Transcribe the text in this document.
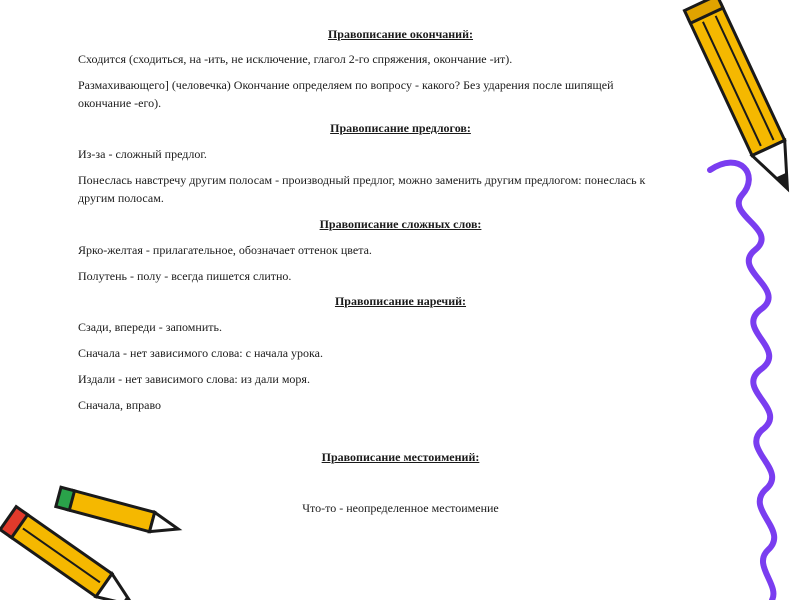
Правописание окончаний:
Сходится (сходиться, на -ить, не исключение, глагол 2-го спряжения, окончание -ит).
Размахивающего] (человечка) Окончание определяем по вопросу - какого? Без ударения после шипящей
окончание -его).
Правописание предлогов:
Из-за - сложный предлог.
Понеслась навстречу другим полосам - производный предлог, можно заменить другим предлогом: понеслась к
другим полосам.
Правописание сложных слов:
Ярко-желтая - прилагательное, обозначает оттенок цвета.
Полутень - полу - всегда пишется слитно.
Правописание наречий:
Сзади, впереди - запомнить.
Сначала - нет зависимого слова: с начала урока.
Издали - нет зависимого слова: из дали моря.
Сначала, вправо
Правописание местоимений:
Что-то - неопределенное местоимение
